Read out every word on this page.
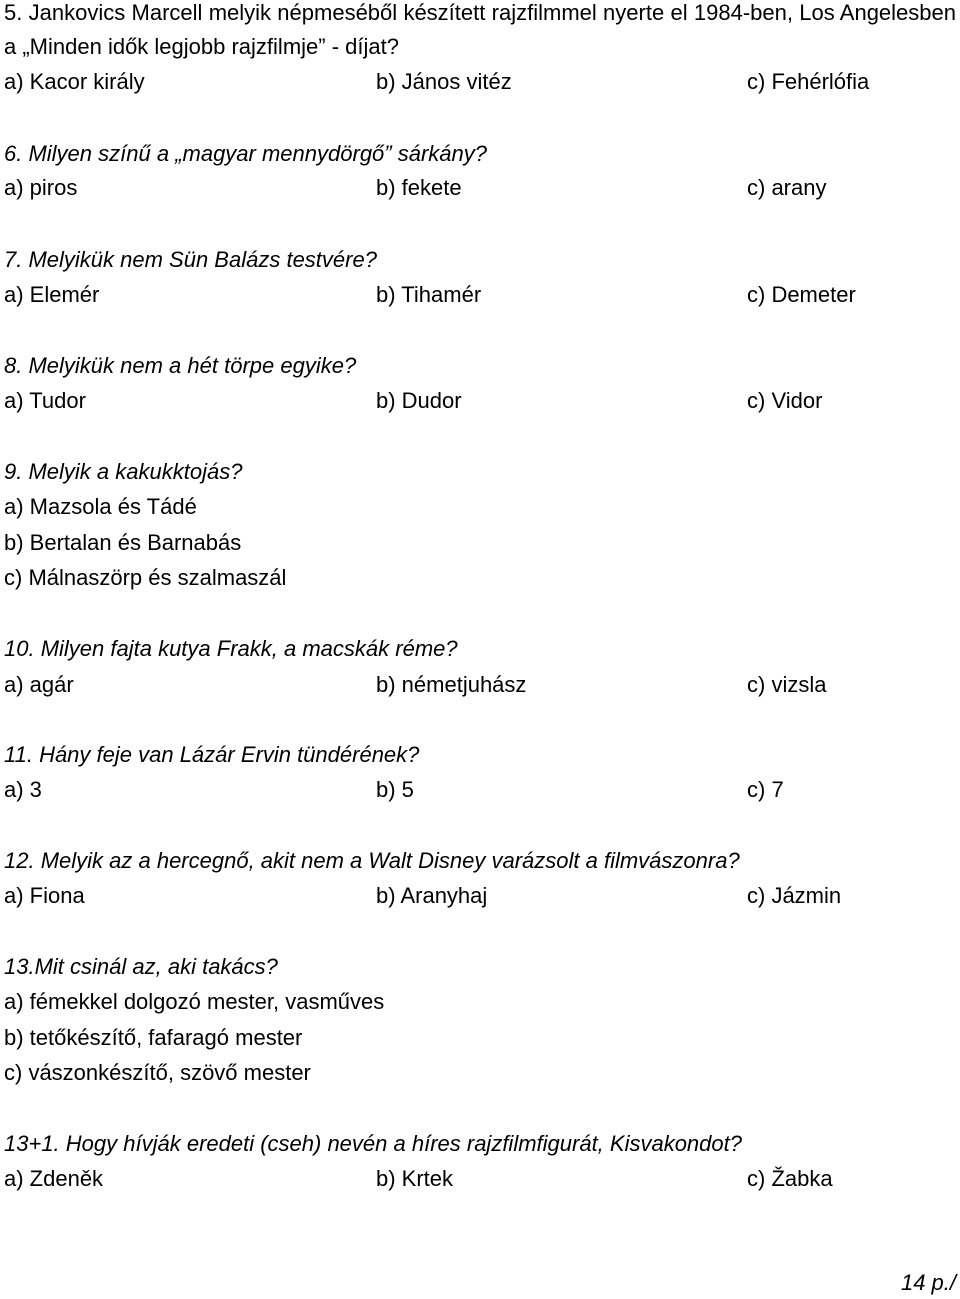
5. Jankovics Marcell melyik népmeséből készített rajzfilmmel nyerte el 1984-ben, Los Angelesben a „Minden idők legjobb rajzfilmje” - díjat?
a) Kacor király	b) János vitéz	c) Fehérlófia
6. Milyen színű a „magyar mennydörgő” sárkány?
a) piros	b) fekete	c) arany
7. Melyikük nem Sün Balázs testvére?
a) Elemér	b) Tihamér	c) Demeter
8. Melyikük nem a hét törpe egyike?
a) Tudor	b) Dudor	c) Vidor
9. Melyik a kakukktojás?
a) Mazsola és Tádé
b) Bertalan és Barnabás
c) Málnaszörp és szalmaszál
10. Milyen fajta kutya Frakk, a macskák réme?
a) agár	b) németjuhász	c) vizsla
11. Hány feje van Lázár Ervin tündérének?
a) 3	b) 5	c) 7
12. Melyik az a hercegnő, akit nem a Walt Disney varázsolt a filmvászonra?
a) Fiona	b) Aranyhaj	c) Jázmin
13.Mit csinál az, aki takács?
a) fémekkel dolgozó mester, vasműves
b) tetőkészítő, fafaragó mester
c) vászonkészítő, szövő mester
13+1. Hogy hívják eredeti (cseh) nevén a híres rajzfilmfigurát, Kisvakondot?
a) Zdeněk	b) Krtek	c) Žabka
14 p./
